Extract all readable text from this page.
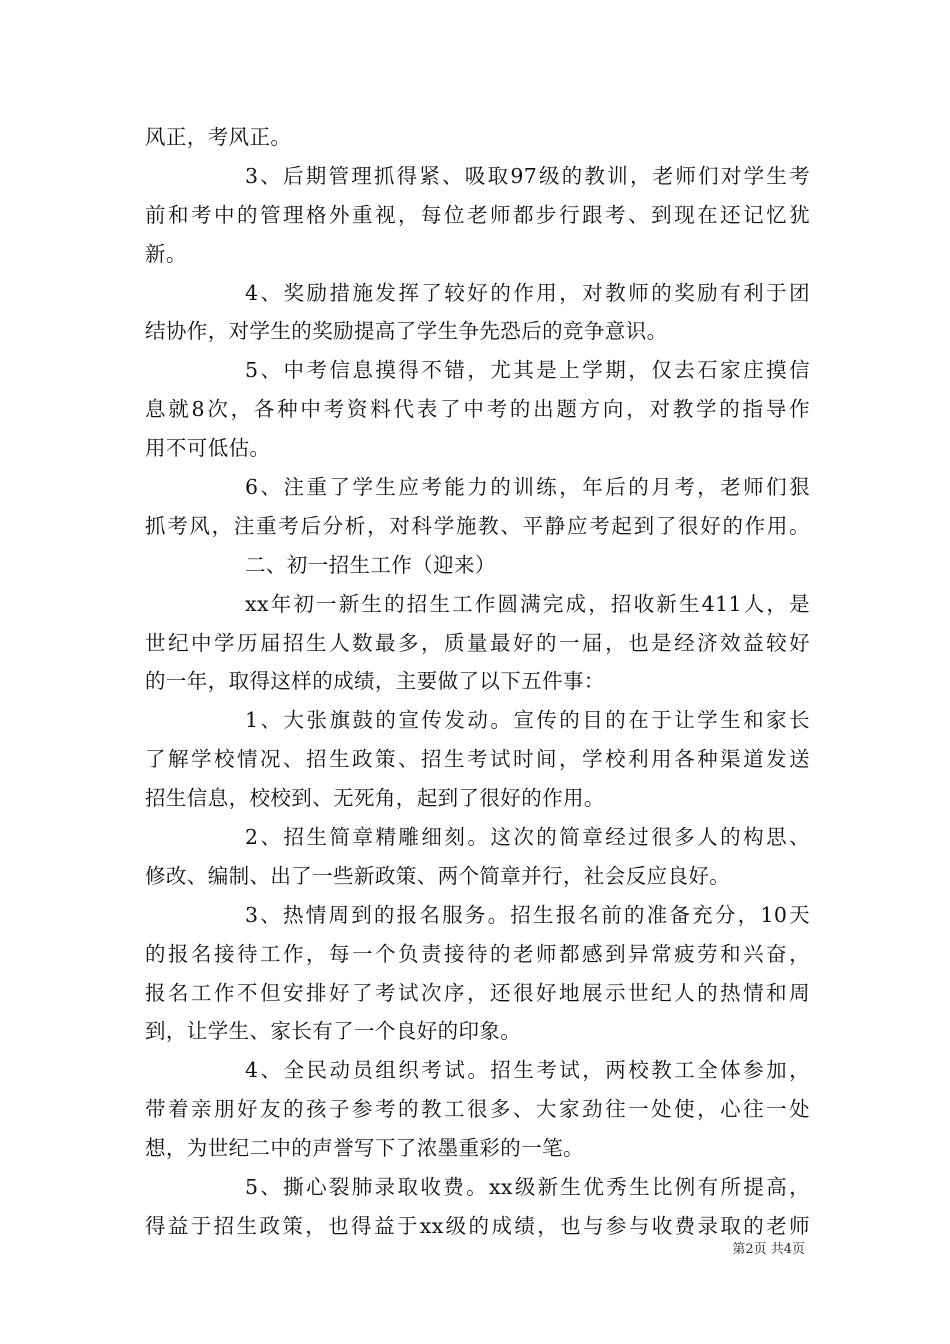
风正，考风正。
3、后期管理抓得紧、吸取97级的教训，老师们对学生考
前和考中的管理格外重视，每位老师都步行跟考、到现在还记忆犹
新。
4、奖励措施发挥了较好的作用，对教师的奖励有利于团
结协作，对学生的奖励提高了学生争先恐后的竞争意识。
5、中考信息摸得不错，尤其是上学期，仅去石家庄摸信
息就8次，各种中考资料代表了中考的出题方向，对教学的指导作
用不可低估。
6、注重了学生应考能力的训练，年后的月考，老师们狠
抓考风，注重考后分析，对科学施教、平静应考起到了很好的作用。
二、初一招生工作（迎来）
xx年初一新生的招生工作圆满完成，招收新生411人，是
世纪中学历届招生人数最多，质量最好的一届，也是经济效益较好
的一年，取得这样的成绩，主要做了以下五件事：
1、大张旗鼓的宣传发动。宣传的目的在于让学生和家长
了解学校情况、招生政策、招生考试时间，学校利用各种渠道发送
招生信息，校校到、无死角，起到了很好的作用。
2、招生简章精雕细刻。这次的简章经过很多人的构思、
修改、编制、出了一些新政策、两个简章并行，社会反应良好。
3、热情周到的报名服务。招生报名前的准备充分，10天
的报名接待工作，每一个负责接待的老师都感到异常疲劳和兴奋，
报名工作不但安排好了考试次序，还很好地展示世纪人的热情和周
到，让学生、家长有了一个良好的印象。
4、全民动员组织考试。招生考试，两校教工全体参加，
带着亲朋好友的孩子参考的教工很多、大家劲往一处使，心往一处
想，为世纪二中的声誉写下了浓墨重彩的一笔。
5、撕心裂肺录取收费。xx级新生优秀生比例有所提高，
得益于招生政策，也得益于xx级的成绩，也与参与收费录取的老师
第2页 共4页
